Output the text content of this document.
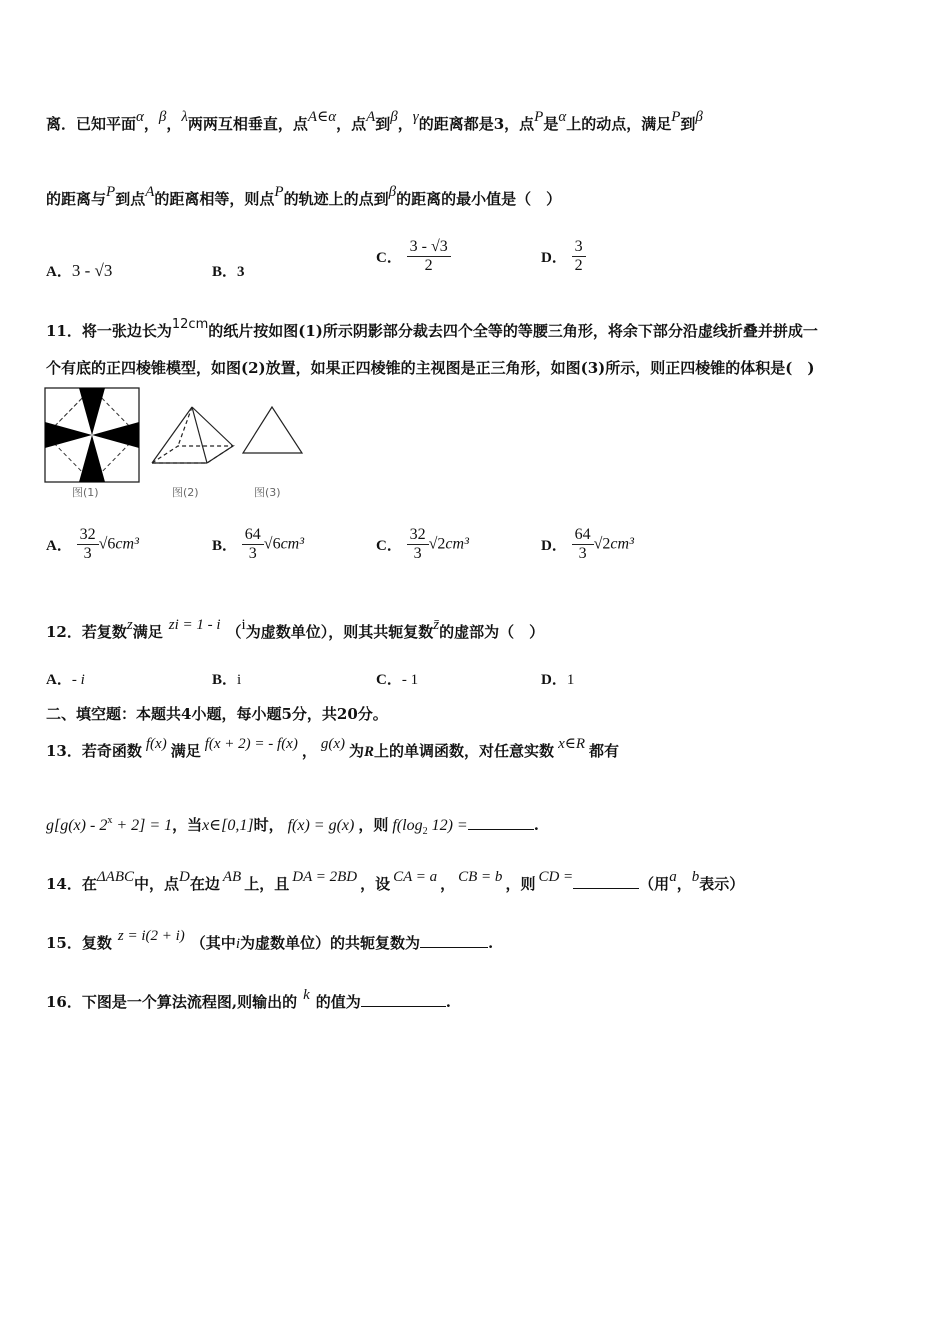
离．已知平面α，β，λ两两互相垂直，点A∈α，点A到β，γ的距离都是3，点P是α上的动点，满足P到β
的距离与P到点A的距离相等，则点P的轨迹上的点到β的距离的最小值是（　）
A．3 - √3	B．3
C． $\frac{3 - √3}{2}$	D． $\frac{3}{2}$
11．将一张边长为12cm的纸片按如图(1)所示阴影部分裁去四个全等的等腰三角形，将余下部分沿虚线折叠并拼成一
个有底的正四棱锥模型，如图(2)放置，如果正四棱锥的主视图是正三角形，如图(3)所示，则正四棱锥的体积是(　)
图(1)	图(2)	图(3)
A． $\frac{32}{3} √6cm^3$	B． $\frac{64}{3} √6cm^3$	C． $\frac{32}{3} √2cm^3$	D． $\frac{64}{3} √2cm^3$
12．若复数z满足 zi = 1 - i （i为虚数单位），则其共轭复数z̄的虚部为（　）
A．- i	B．i	C．- 1	D．1
二、填空题：本题共4小题，每小题5分，共20分。
13．若奇函数 f(x) 满足 f(x + 2) = - f(x) ， g(x) 为R上的单调函数，对任意实数 x∈R 都有
$g[g(x) - 2^x + 2] = 1$，当x∈[0,1]时， f(x) = g(x) ，则 $f(\log_2$ 12) =	.
14．在ΔABC中，点D在边 AB 上，且 DA = 2BD ，设 CA = a ， CB = b ，则 CD =	（用a，b表示）
15．复数 z = i(2 + i) （其中i为虚数单位）的共轭复数为	.
16．下图是一个算法流程图,则输出的 k 的值为	.
